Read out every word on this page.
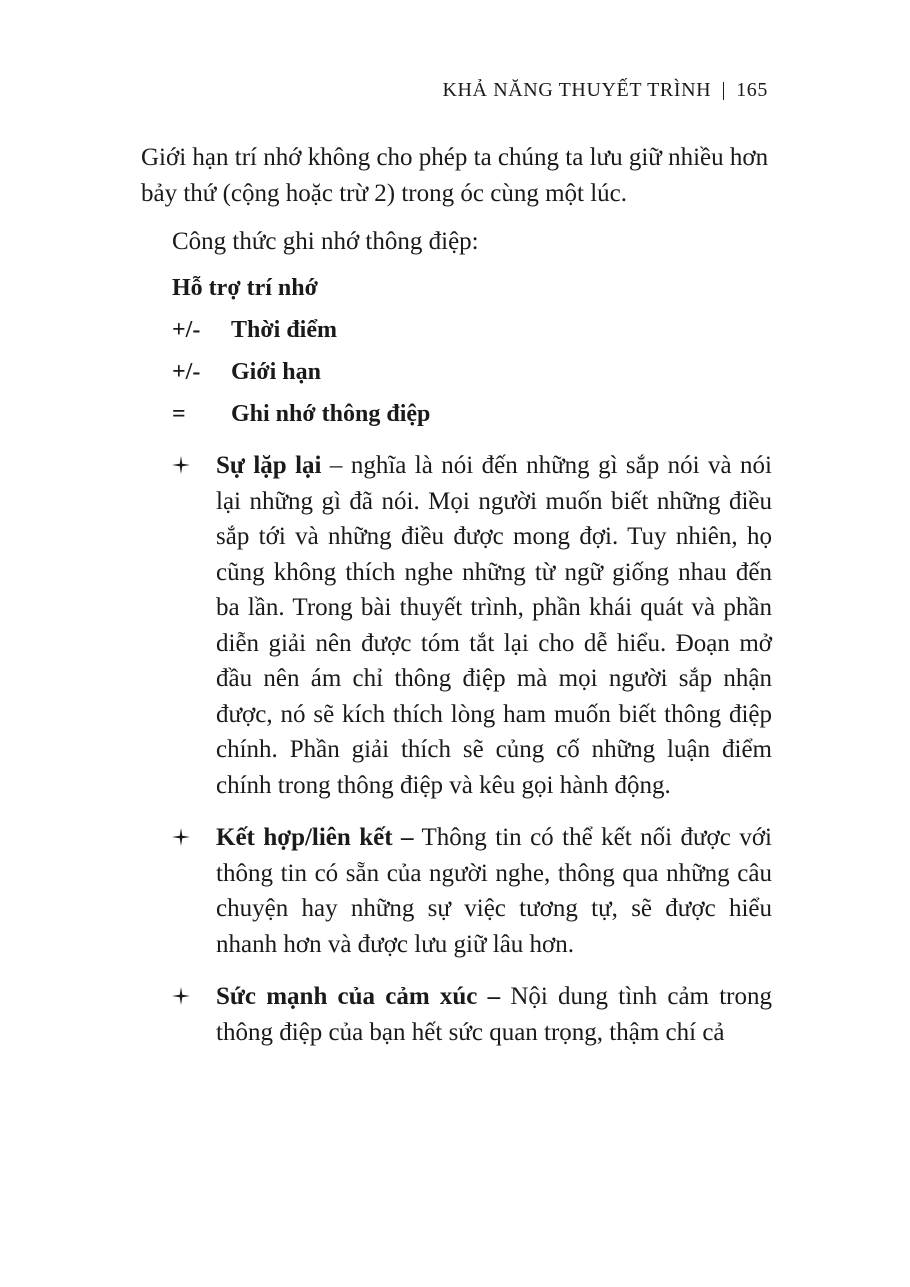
KHẢ NĂNG THUYẾT TRÌNH 165

Giới hạn trí nhớ không cho phép ta chúng ta lưu giữ nhiều hơn bảy thứ (cộng hoặc trừ 2) trong óc cùng một lúc.

Công thức ghi nhớ thông điệp:

Hỗ trợ trí nhớ
+/-	Thời điểm
+/-	Giới hạn
=	Ghi nhớ thông điệp
Sự lặp lại – nghĩa là nói đến những gì sắp nói và nói lại những gì đã nói. Mọi người muốn biết những điều sắp tới và những điều được mong đợi. Tuy nhiên, họ cũng không thích nghe những từ ngữ giống nhau đến ba lần. Trong bài thuyết trình, phần khái quát và phần diễn giải nên được tóm tắt lại cho dễ hiểu. Đoạn mở đầu nên ám chỉ thông điệp mà mọi người sắp nhận được, nó sẽ kích thích lòng ham muốn biết thông điệp chính. Phần giải thích sẽ củng cố những luận điểm chính trong thông điệp và kêu gọi hành động.
Kết hợp/liên kết – Thông tin có thể kết nối được với thông tin có sẵn của người nghe, thông qua những câu chuyện hay những sự việc tương tự, sẽ được hiểu nhanh hơn và được lưu giữ lâu hơn.
Sức mạnh của cảm xúc – Nội dung tình cảm trong thông điệp của bạn hết sức quan trọng, thậm chí cả
